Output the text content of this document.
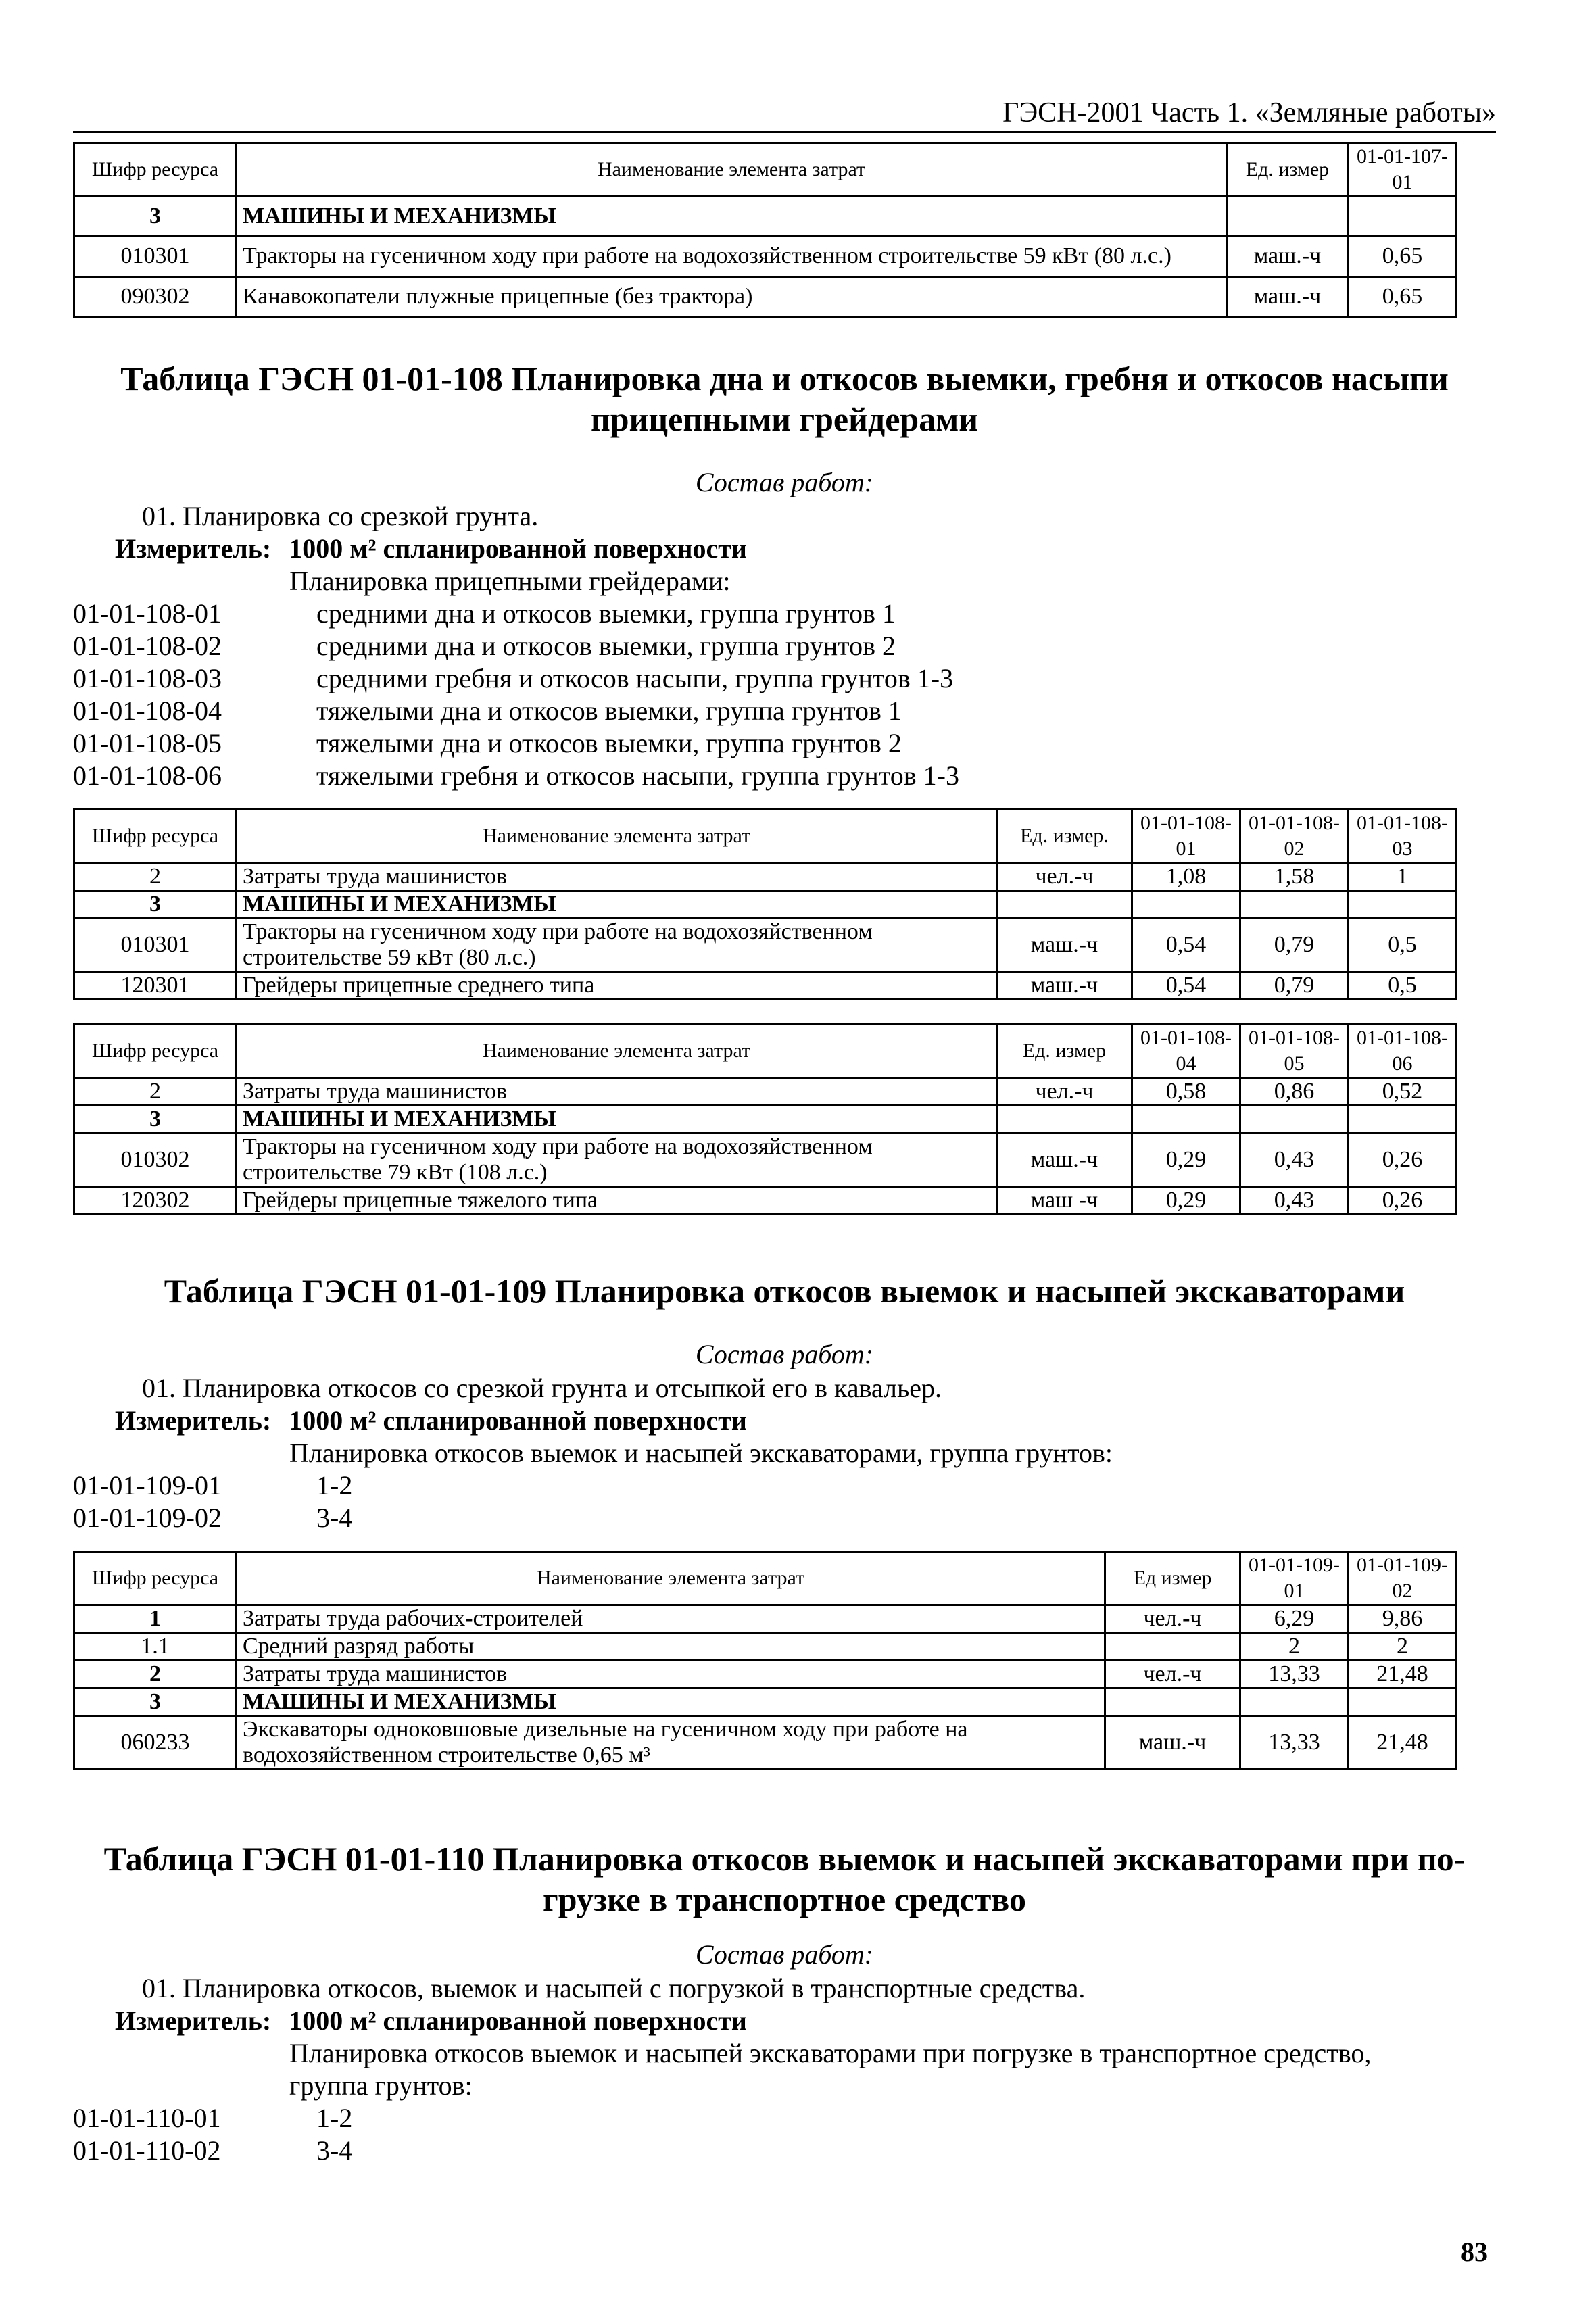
ГЭСН-2001 Часть 1. «Земляные работы»
Шифр ресурса	Наименование элемента затрат	Ед. измер	01-01-107-01
3	МАШИНЫ И МЕХАНИЗМЫ		
010301	Тракторы на гусеничном ходу при работе на водохозяйственном строительстве 59 кВт (80 л.с.)	маш.-ч	0,65
090302	Канавокопатели плужные прицепные (без трактора)	маш.-ч	0,65
Таблица ГЭСН 01-01-108 Планировка дна и откосов выемки, гребня и откосов насыпи
прицепными грейдерами
Состав работ:
01. Планировка со срезкой грунта.
Измеритель: 1000 м² спланированной поверхности
Планировка прицепными грейдерами:
01-01-108-01	средними дна и откосов выемки, группа грунтов 1
01-01-108-02	средними дна и откосов выемки, группа грунтов 2
01-01-108-03	средними гребня и откосов насыпи, группа грунтов 1-3
01-01-108-04	тяжелыми дна и откосов выемки, группа грунтов 1
01-01-108-05	тяжелыми дна и откосов выемки, группа грунтов 2
01-01-108-06	тяжелыми гребня и откосов насыпи, группа грунтов 1-3
Шифр ресурса	Наименование элемента затрат	Ед. измер.	01-01-108-01	01-01-108-02	01-01-108-03
2	Затраты труда машинистов	чел.-ч	1,08	1,58	1
3	МАШИНЫ И МЕХАНИЗМЫ				
010301	Тракторы на гусеничном ходу при работе на водохозяйственном строительстве 59 кВт (80 л.с.)	маш.-ч	0,54	0,79	0,5
120301	Грейдеры прицепные среднего типа	маш.-ч	0,54	0,79	0,5
Шифр ресурса	Наименование элемента затрат	Ед. измер	01-01-108-04	01-01-108-05	01-01-108-06
2	Затраты труда машинистов	чел.-ч	0,58	0,86	0,52
3	МАШИНЫ И МЕХАНИЗМЫ				
010302	Тракторы на гусеничном ходу при работе на водохозяйственном строительстве 79 кВт (108 л.с.)	маш.-ч	0,29	0,43	0,26
120302	Грейдеры прицепные тяжелого типа	маш -ч	0,29	0,43	0,26
Таблица ГЭСН 01-01-109 Планировка откосов выемок и насыпей экскаваторами
Состав работ:
01. Планировка откосов со срезкой грунта и отсыпкой его в кавальер.
Измеритель: 1000 м² спланированной поверхности
Планировка откосов выемок и насыпей экскаваторами, группа грунтов:
01-01-109-01	1-2
01-01-109-02	3-4
Шифр ресурса	Наименование элемента затрат	Ед измер	01-01-109-01	01-01-109-02
1	Затраты труда рабочих-строителей	чел.-ч	6,29	9,86
1.1	Средний разряд работы		2	2
2	Затраты труда машинистов	чел.-ч	13,33	21,48
3	МАШИНЫ И МЕХАНИЗМЫ			
060233	Экскаваторы одноковшовые дизельные на гусеничном ходу при работе на водохозяйственном строительстве 0,65 м³	маш.-ч	13,33	21,48
Таблица ГЭСН 01-01-110 Планировка откосов выемок и насыпей экскаваторами при по-
грузке в транспортное средство
Состав работ:
01. Планировка откосов, выемок и насыпей с погрузкой в транспортные средства.
Измеритель: 1000 м² спланированной поверхности
Планировка откосов выемок и насыпей экскаваторами при погрузке в транспортное средство,
группа грунтов:
01-01-110-01	1-2
01-01-110-02	3-4
83
